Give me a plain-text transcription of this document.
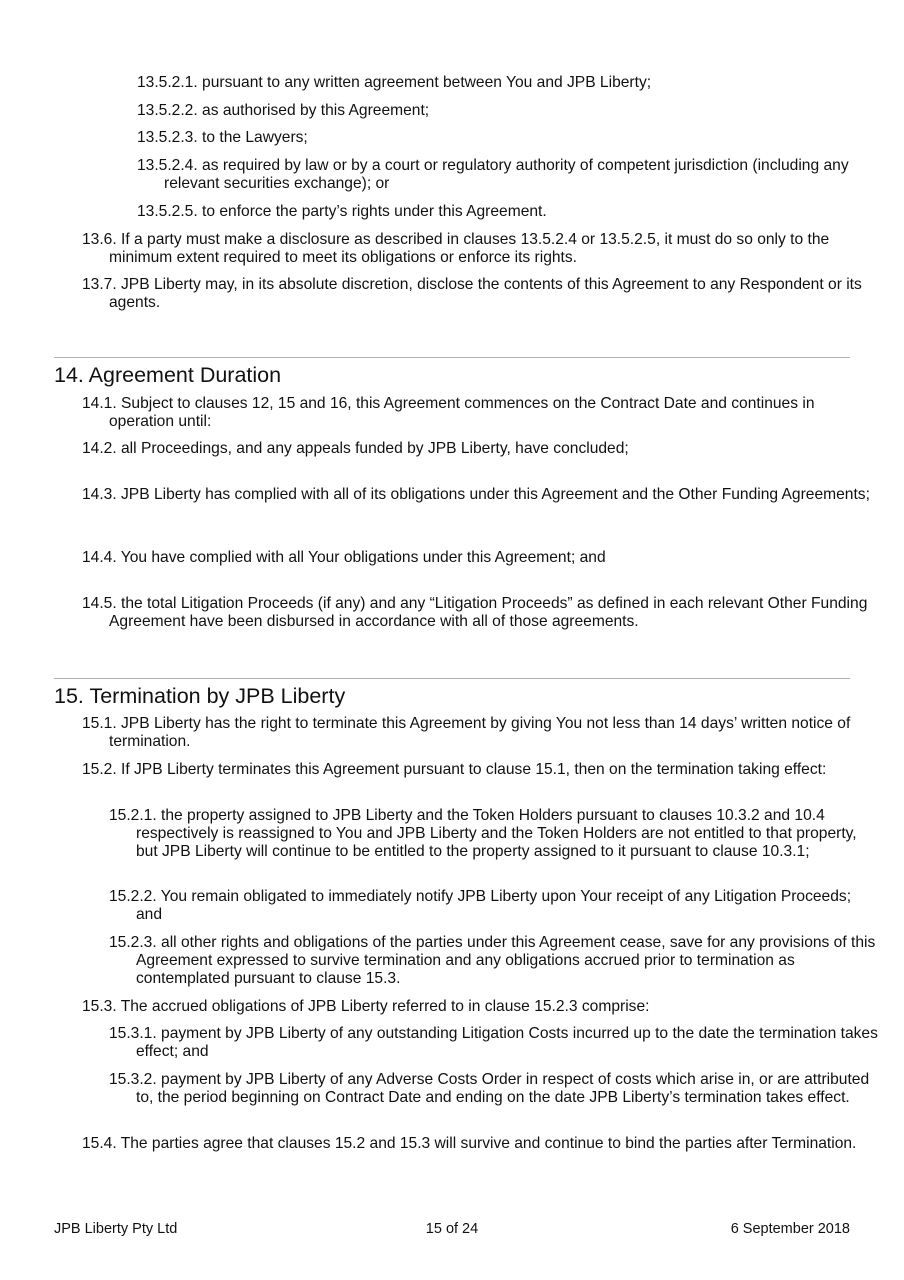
13.5.2.1. pursuant to any written agreement between You and JPB Liberty;

13.5.2.2. as authorised by this Agreement;

13.5.2.3. to the Lawyers;

13.5.2.4. as required by law or by a court or regulatory authority of competent jurisdiction (including any relevant securities exchange); or

13.5.2.5. to enforce the party’s rights under this Agreement.

13.6. If a party must make a disclosure as described in clauses 13.5.2.4 or 13.5.2.5, it must do so only to the minimum extent required to meet its obligations or enforce its rights.

13.7. JPB Liberty may, in its absolute discretion, disclose the contents of this Agreement to any Respondent or its agents.

14. Agreement Duration

14.1. Subject to clauses 12, 15 and 16, this Agreement commences on the Contract Date and continues in operation until:

14.2. all Proceedings, and any appeals funded by JPB Liberty, have concluded;

14.3. JPB Liberty has complied with all of its obligations under this Agreement and the Other Funding Agreements;

14.4. You have complied with all Your obligations under this Agreement; and

14.5. the total Litigation Proceeds (if any) and any “Litigation Proceeds” as defined in each relevant Other Funding Agreement have been disbursed in accordance with all of those agreements.

15. Termination by JPB Liberty

15.1. JPB Liberty has the right to terminate this Agreement by giving You not less than 14 days’ written notice of termination.

15.2. If JPB Liberty terminates this Agreement pursuant to clause 15.1, then on the termination taking effect:

15.2.1. the property assigned to JPB Liberty and the Token Holders pursuant to clauses 10.3.2 and 10.4 respectively is reassigned to You and JPB Liberty and the Token Holders are not entitled to that property, but JPB Liberty will continue to be entitled to the property assigned to it pursuant to clause 10.3.1;

15.2.2. You remain obligated to immediately notify JPB Liberty upon Your receipt of any Litigation Proceeds; and

15.2.3. all other rights and obligations of the parties under this Agreement cease, save for any provisions of this Agreement expressed to survive termination and any obligations accrued prior to termination as contemplated pursuant to clause 15.3.

15.3. The accrued obligations of JPB Liberty referred to in clause 15.2.3 comprise:

15.3.1. payment by JPB Liberty of any outstanding Litigation Costs incurred up to the date the termination takes effect; and

15.3.2. payment by JPB Liberty of any Adverse Costs Order in respect of costs which arise in, or are attributed to, the period beginning on Contract Date and ending on the date JPB Liberty’s termination takes effect.

15.4. The parties agree that clauses 15.2 and 15.3 will survive and continue to bind the parties after Termination.

JPB Liberty Pty Ltd	15 of 24	6 September 2018
